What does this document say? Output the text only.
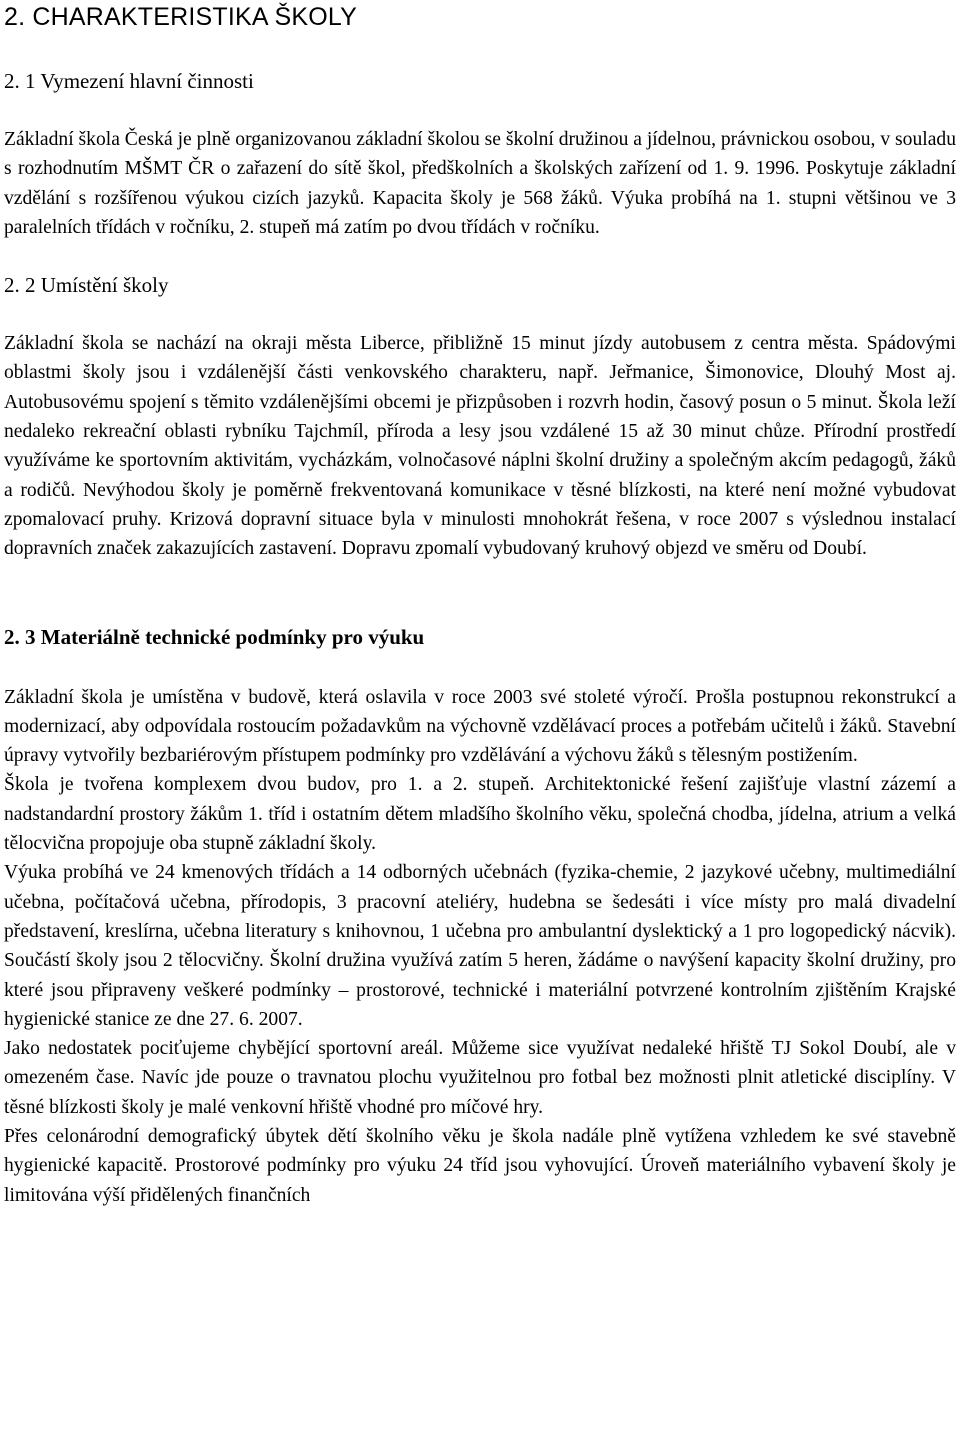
2. CHARAKTERISTIKA ŠKOLY
2. 1 Vymezení hlavní činnosti

Základní škola Česká je plně organizovanou základní školou se školní družinou a jídelnou, právnickou osobou, v souladu s rozhodnutím MŠMT ČR o zařazení do sítě škol, předškolních a školských zařízení od 1. 9. 1996. Poskytuje základní vzdělání s rozšířenou výukou cizích jazyků. Kapacita školy je 568 žáků. Výuka probíhá na 1. stupni většinou ve 3 paralelních třídách v ročníku, 2. stupeň má zatím po dvou třídách v ročníku.

2. 2 Umístění školy

Základní škola se nachází na okraji města Liberce, přibližně 15 minut jízdy autobusem z centra města. Spádovými oblastmi školy jsou i vzdálenější části venkovského charakteru, např. Jeřmanice, Šimonovice, Dlouhý Most aj. Autobusovému spojení s těmito vzdálenějšími obcemi je přizpůsoben i rozvrh hodin, časový posun o 5 minut. Škola leží nedaleko rekreační oblasti rybníku Tajchmíl, příroda a lesy jsou vzdálené 15 až 30 minut chůze. Přírodní prostředí využíváme ke sportovním aktivitám, vycházkám, volnočasové náplni školní družiny a společným akcím pedagogů, žáků a rodičů. Nevýhodou školy je poměrně frekventovaná komunikace v těsné blízkosti, na které není možné vybudovat zpomalovací pruhy. Krizová dopravní situace byla v minulosti mnohokrát řešena, v roce 2007 s výslednou instalací dopravních značek zakazujících zastavení. Dopravu zpomalí vybudovaný kruhový objezd ve směru od Doubí.

2. 3 Materiálně technické podmínky pro výuku

Základní škola je umístěna v budově, která oslavila v roce 2003 své stoleté výročí. Prošla postupnou rekonstrukcí a modernizací, aby odpovídala rostoucím požadavkům na výchovně vzdělávací proces a potřebám učitelů i žáků. Stavební úpravy vytvořily bezbariérovým přístupem podmínky pro vzdělávání a výchovu žáků s tělesným postižením.

Škola je tvořena komplexem dvou budov, pro 1. a 2. stupeň. Architektonické řešení zajišťuje vlastní zázemí a nadstandardní prostory žákům 1. tříd i ostatním dětem mladšího školního věku, společná chodba, jídelna, atrium a velká tělocvična propojuje oba stupně základní školy.

Výuka probíhá ve 24 kmenových třídách a 14 odborných učebnách (fyzika-chemie, 2 jazykové učebny, multimediální učebna, počítačová učebna, přírodopis, 3 pracovní ateliéry, hudebna se šedesáti i více místy pro malá divadelní představení, kreslírna, učebna literatury s knihovnou, 1 učebna pro ambulantní dyslektický a 1 pro logopedický nácvik). Součástí školy jsou 2 tělocvičny. Školní družina využívá zatím 5 heren, žádáme o navýšení kapacity školní družiny, pro které jsou připraveny veškeré podmínky – prostorové, technické i materiální potvrzené kontrolním zjištěním Krajské hygienické stanice ze dne 27. 6. 2007.

Jako nedostatek pociťujeme chybějící sportovní areál. Můžeme sice využívat nedaleké hřiště TJ Sokol Doubí, ale v omezeném čase. Navíc jde pouze o travnatou plochu využitelnou pro fotbal bez možnosti plnit atletické disciplíny. V těsné blízkosti školy je malé venkovní hřiště vhodné pro míčové hry.

Přes celonárodní demografický úbytek dětí školního věku je škola nadále plně vytížena vzhledem ke své stavebně hygienické kapacitě. Prostorové podmínky pro výuku 24 tříd jsou vyhovující. Úroveň materiálního vybavení školy je limitována výší přidělených finančních
